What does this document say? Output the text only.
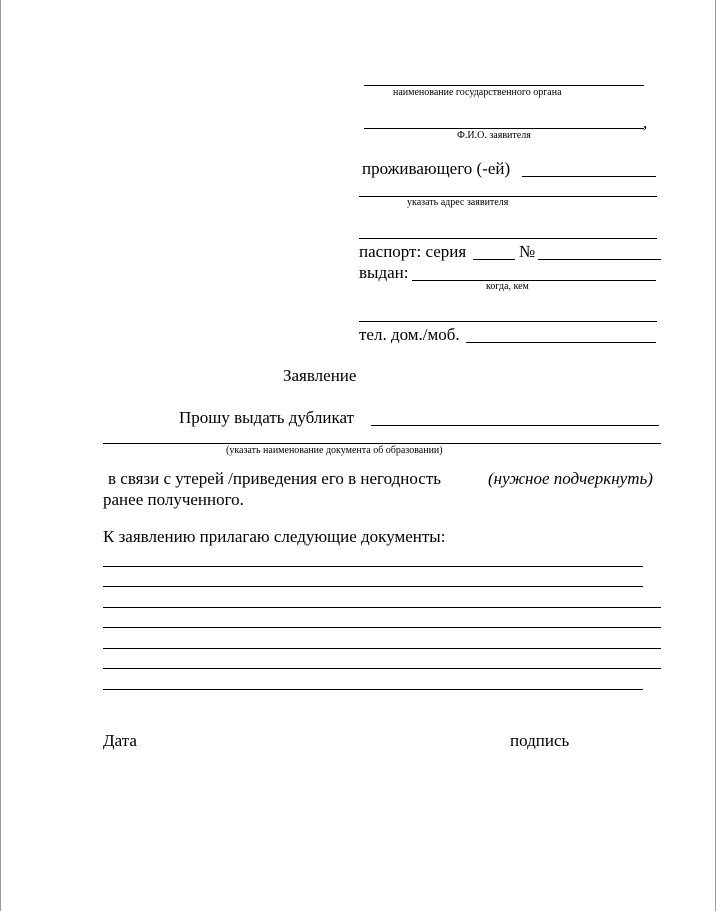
наименование государственного органа
,
Ф.И.О. заявителя
проживающего (-ей)
указать адрес заявителя
паспорт: серия	№
выдан:
когда, кем
тел. дом./моб.
Заявление
Прошу выдать дубликат
(указать наименование документа об образовании)
в связи с утерей /приведения его в негодность	(нужное подчеркнуть)
ранее полученного.
К заявлению прилагаю следующие документы:
Дата	подпись
